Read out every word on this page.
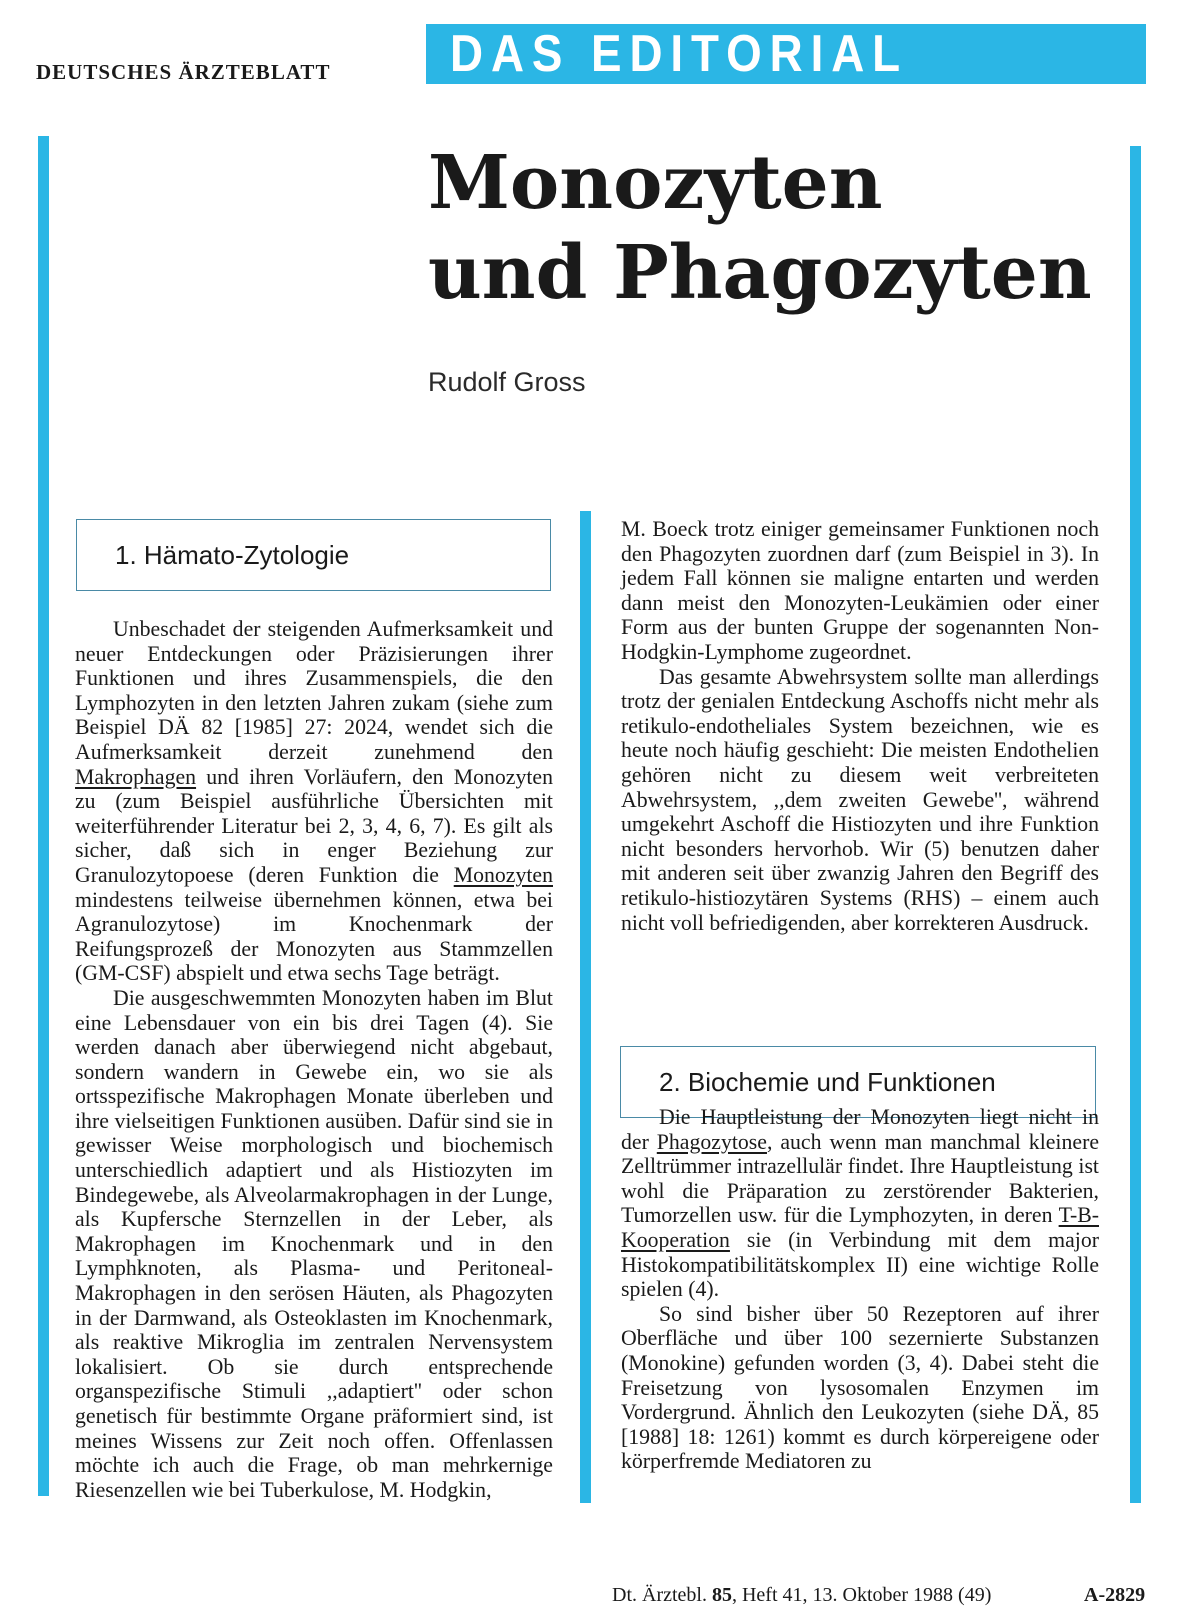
DEUTSCHES ÄRZTEBLATT DAS EDITORIAL
Monozyten
und Phagozyten
Rudolf Gross
1. Hämato-Zytologie
2. Biochemie und Funktionen

Unbeschadet der steigenden Aufmerksamkeit und neuer Entdeckungen oder Präzisierungen ihrer Funktionen und ihres Zusammenspiels, die den Lymphozyten in den letzten Jahren zukam (siehe zum Beispiel DÄ 82 [1985] 27: 2024, wendet sich die Aufmerksamkeit derzeit zunehmend den Makrophagen und ihren Vorläufern, den Monozyten zu (zum Beispiel ausführliche Übersichten mit weiterführender Literatur bei 2, 3, 4, 6, 7). Es gilt als sicher, daß sich in enger Beziehung zur Granulozytopoese (deren Funktion die Monozyten mindestens teilweise übernehmen können, etwa bei Agranulozytose) im Knochenmark der Reifungsprozeß der Monozyten aus Stammzellen (GM-CSF) abspielt und etwa sechs Tage beträgt.

Die ausgeschwemmten Monozyten haben im Blut eine Lebensdauer von ein bis drei Tagen (4). Sie werden danach aber überwiegend nicht abgebaut, sondern wandern in Gewebe ein, wo sie als ortsspezifische Makrophagen Monate überleben und ihre vielseitigen Funktionen ausüben. Dafür sind sie in gewisser Weise morphologisch und biochemisch unterschiedlich adaptiert und als Histiozyten im Bindegewebe, als Alveolarmakrophagen in der Lunge, als Kupfersche Sternzellen in der Leber, als Makrophagen im Knochenmark und in den Lymphknoten, als Plasma- und Peritoneal-Makrophagen in den serösen Häuten, als Phagozyten in der Darmwand, als Osteoklasten im Knochenmark, als reaktive Mikroglia im zentralen Nervensystem lokalisiert. Ob sie durch entsprechende organspezifische Stimuli ,,adaptiert'' oder schon genetisch für bestimmte Organe präformiert sind, ist meines Wissens zur Zeit noch offen. Offenlassen möchte ich auch die Frage, ob man mehrkernige Riesenzellen wie bei Tuberkulose, M. Hodgkin,

M. Boeck trotz einiger gemeinsamer Funktionen noch den Phagozyten zuordnen darf (zum Beispiel in 3). In jedem Fall können sie maligne entarten und werden dann meist den Monozyten-Leukämien oder einer Form aus der bunten Gruppe der sogenannten Non-Hodgkin-Lymphome zugeordnet.

Das gesamte Abwehrsystem sollte man allerdings trotz der genialen Entdeckung Aschoffs nicht mehr als retikulo-endotheliales System bezeichnen, wie es heute noch häufig geschieht: Die meisten Endothelien gehören nicht zu diesem weit verbreiteten Abwehrsystem, ,,dem zweiten Gewebe'', während umgekehrt Aschoff die Histiozyten und ihre Funktion nicht besonders hervorhob. Wir (5) benutzen daher mit anderen seit über zwanzig Jahren den Begriff des retikulo-histiozytären Systems (RHS) – einem auch nicht voll befriedigenden, aber korrekteren Ausdruck.

Die Hauptleistung der Monozyten liegt nicht in der Phagozytose, auch wenn man manchmal kleinere Zelltrümmer intrazellulär findet. Ihre Hauptleistung ist wohl die Präparation zu zerstörender Bakterien, Tumorzellen usw. für die Lymphozyten, in deren T-B-Kooperation sie (in Verbindung mit dem major Histokompatibilitätskomplex II) eine wichtige Rolle spielen (4).

So sind bisher über 50 Rezeptoren auf ihrer Oberfläche und über 100 sezernierte Substanzen (Monokine) gefunden worden (3, 4). Dabei steht die Freisetzung von lysosomalen Enzymen im Vordergrund. Ähnlich den Leukozyten (siehe DÄ, 85 [1988] 18: 1261) kommt es durch körpereigene oder körperfremde Mediatoren zu

Dt. Ärztebl. 85, Heft 41, 13. Oktober 1988 (49)	A-2829
